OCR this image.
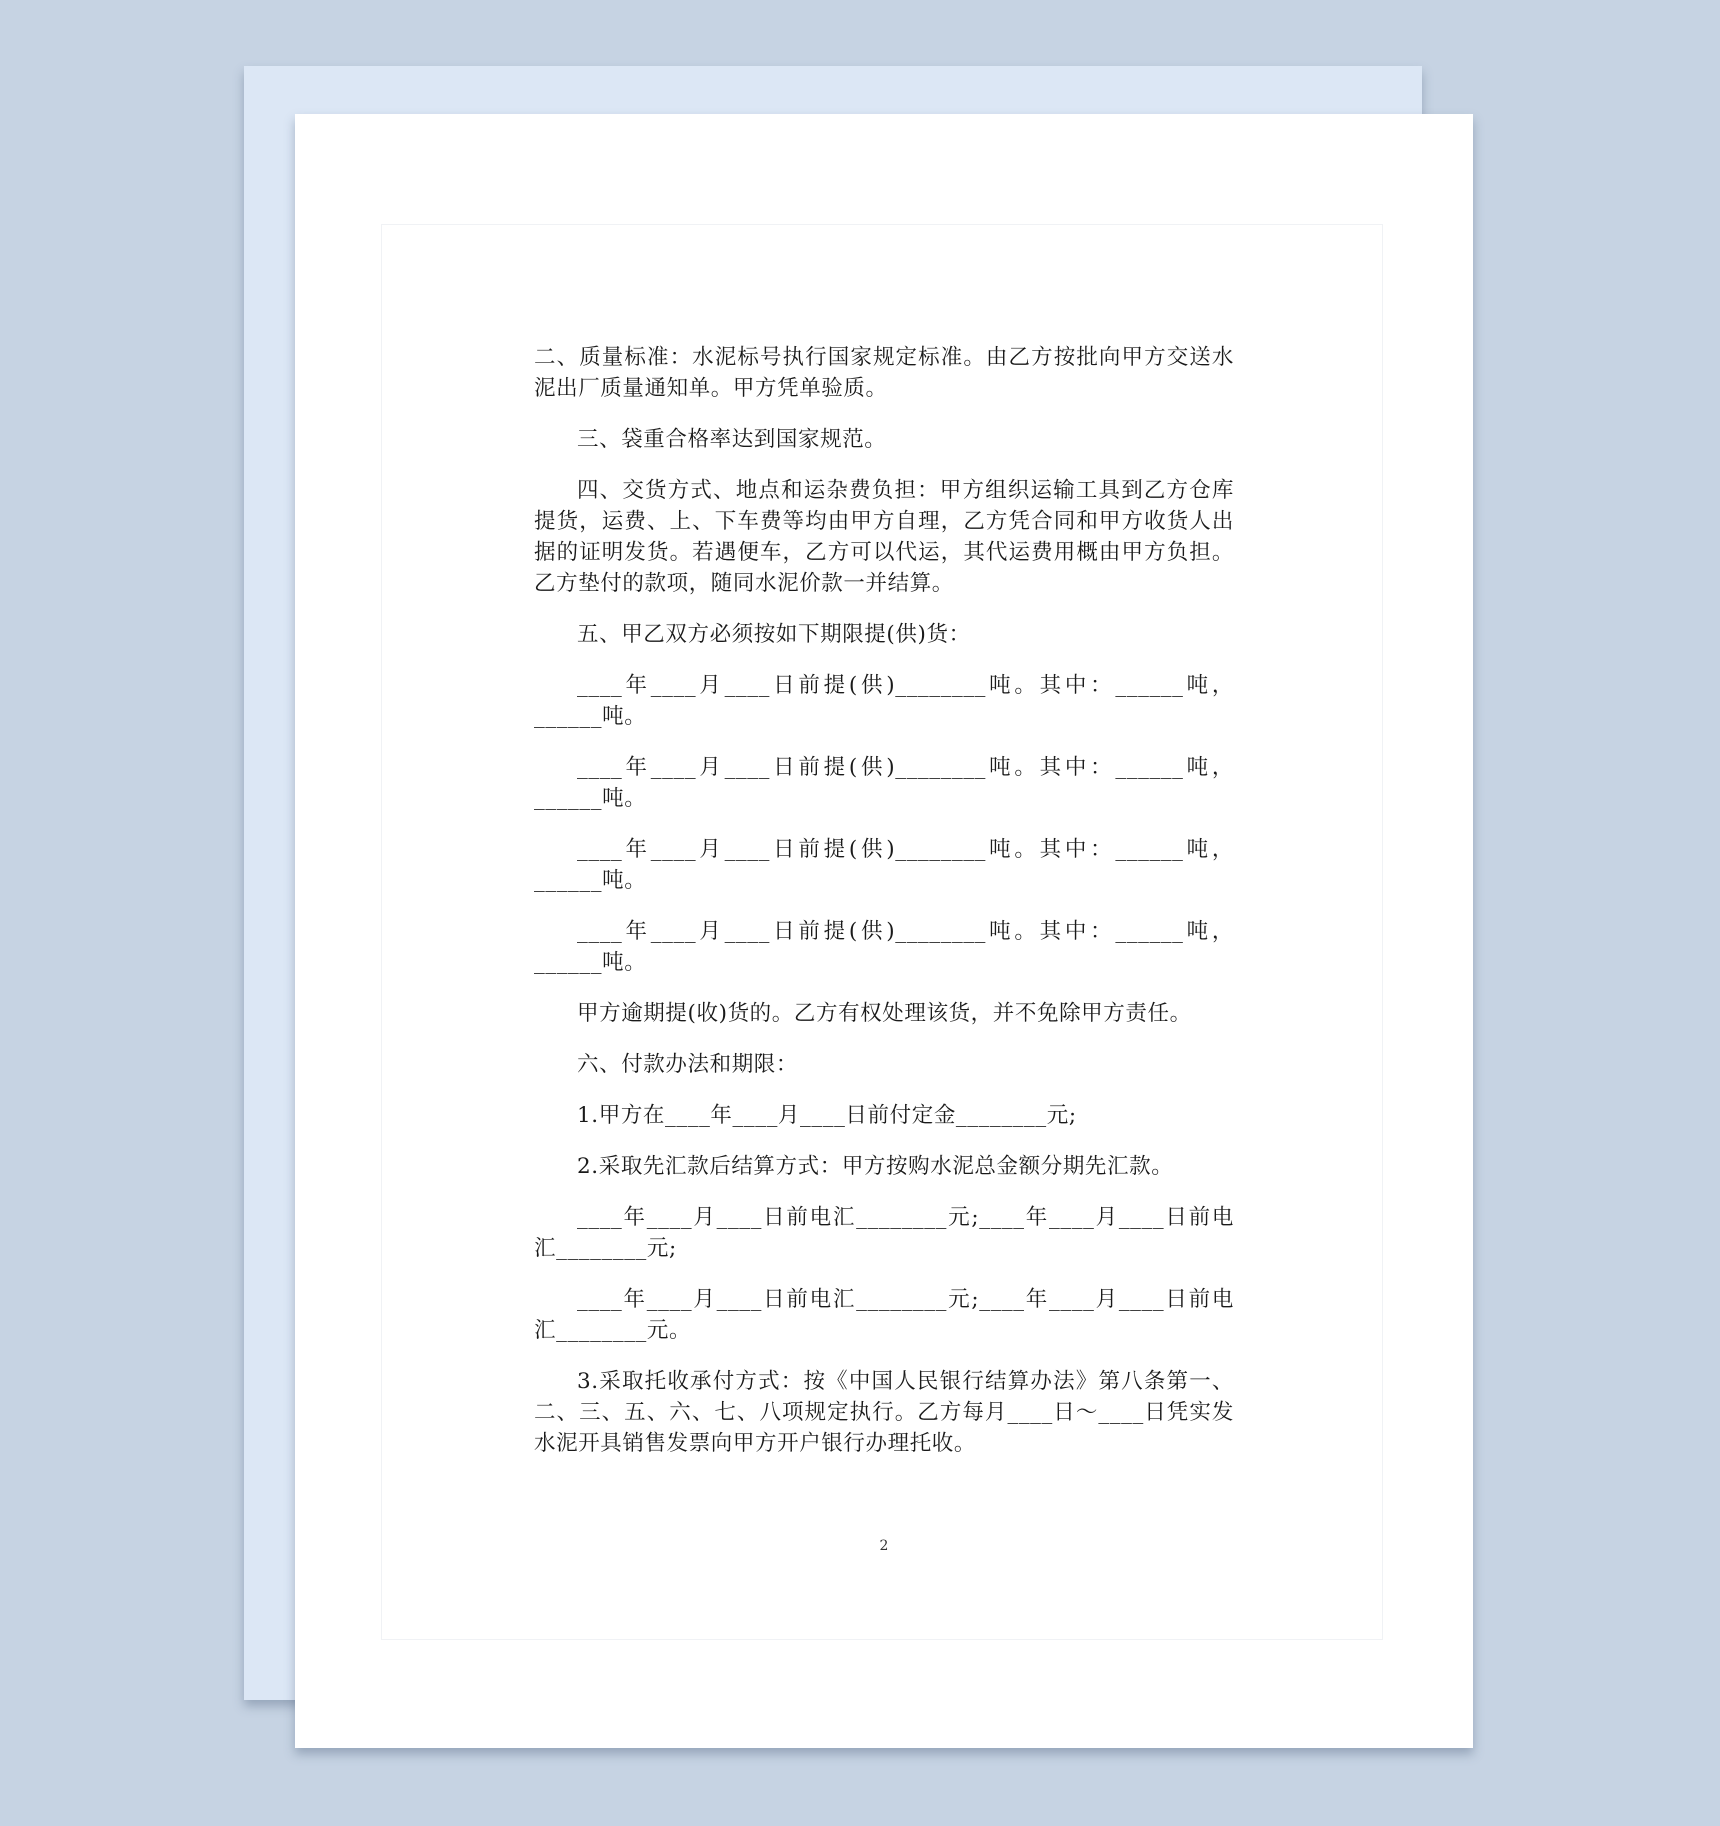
二、质量标准：水泥标号执行国家规定标准。由乙方按批向甲方交送水泥出厂质量通知单。甲方凭单验质。

三、袋重合格率达到国家规范。

四、交货方式、地点和运杂费负担：甲方组织运输工具到乙方仓库提货，运费、上、下车费等均由甲方自理，乙方凭合同和甲方收货人出据的证明发货。若遇便车，乙方可以代运，其代运费用概由甲方负担。乙方垫付的款项，随同水泥价款一并结算。

五、甲乙双方必须按如下期限提(供)货：

____年____月____日前提(供)________吨。其中：______吨，______吨。

____年____月____日前提(供)________吨。其中：______吨，______吨。

____年____月____日前提(供)________吨。其中：______吨，______吨。

____年____月____日前提(供)________吨。其中：______吨，______吨。

甲方逾期提(收)货的。乙方有权处理该货，并不免除甲方责任。

六、付款办法和期限：

1.甲方在____年____月____日前付定金________元;

2.采取先汇款后结算方式：甲方按购水泥总金额分期先汇款。

____年____月____日前电汇________元;____年____月____日前电汇________元;

____年____月____日前电汇________元;____年____月____日前电汇________元。

3.采取托收承付方式：按《中国人民银行结算办法》第八条第一、二、三、五、六、七、八项规定执行。乙方每月____日～____日凭实发水泥开具销售发票向甲方开户银行办理托收。

2
